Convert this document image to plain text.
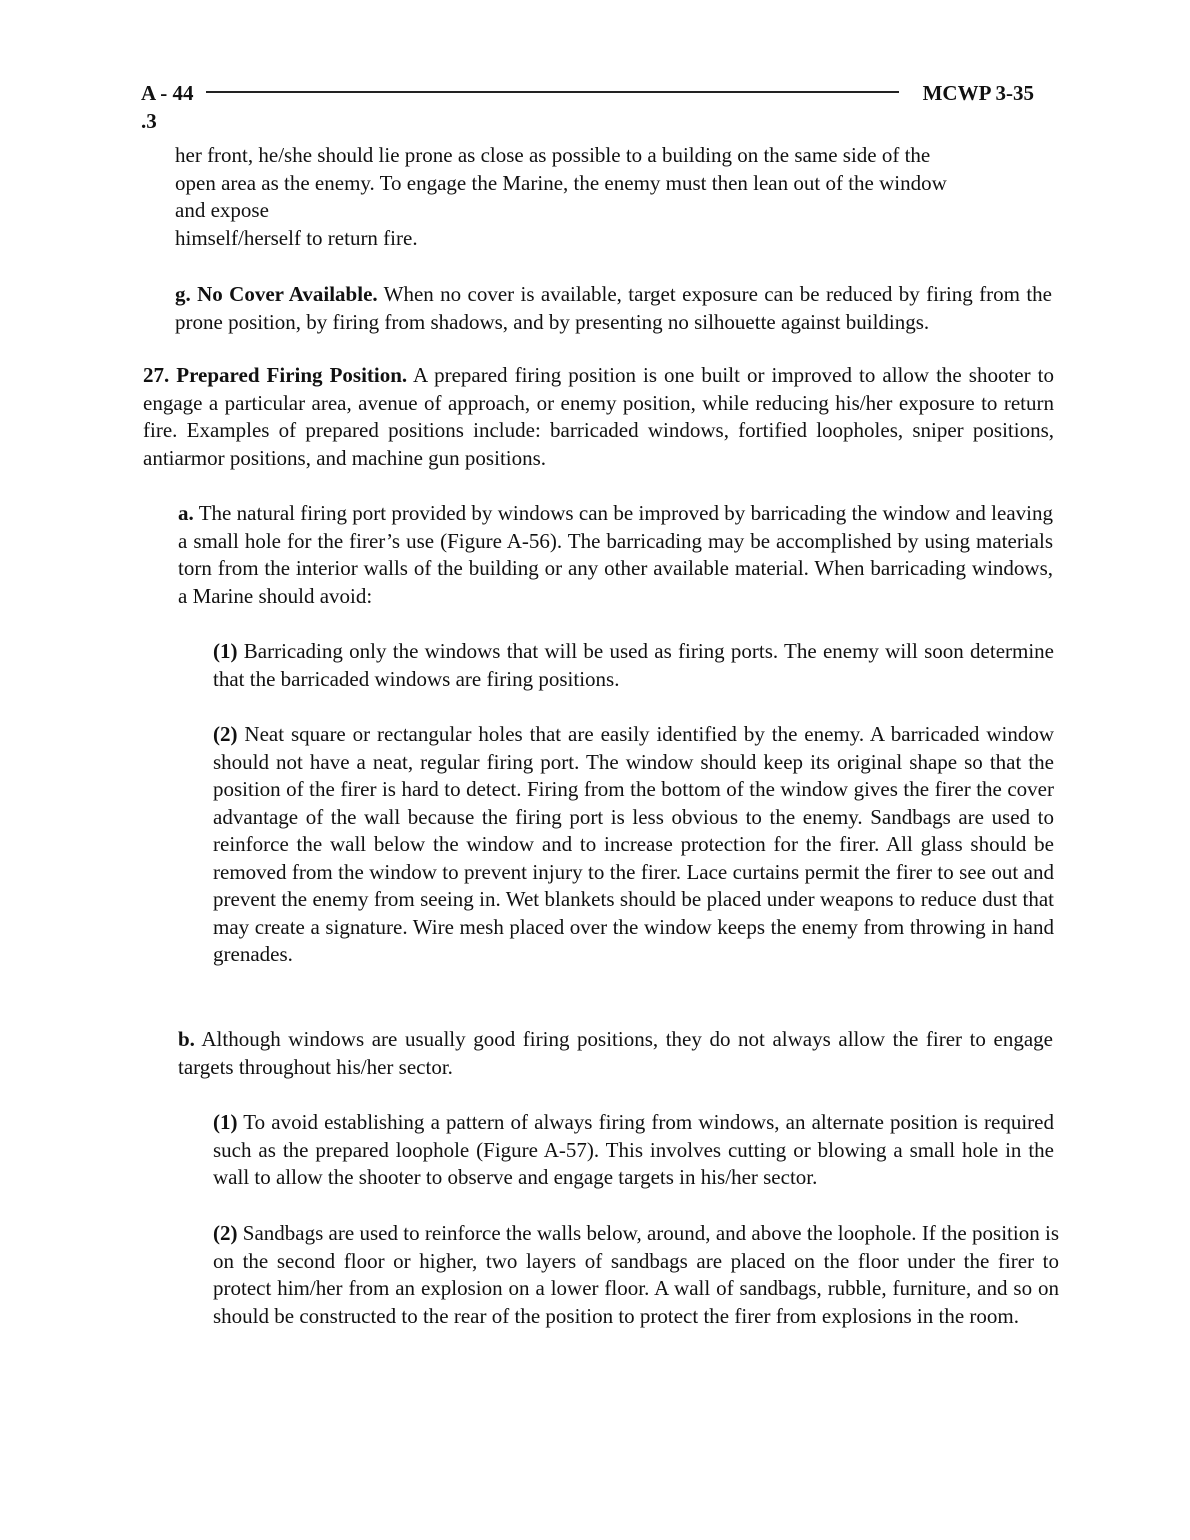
A - 44	MCWP 3-35
.3

her front, he/she should lie prone as close as possible to a building on the same side of the
open area as the enemy. To engage the Marine, the enemy must then lean out of the window
and expose
himself/herself to return fire.

g. No Cover Available. When no cover is available, target exposure can be reduced by firing from the prone position, by firing from shadows, and by presenting no silhouette against buildings.

27. Prepared Firing Position. A prepared firing position is one built or improved to allow the shooter to engage a particular area, avenue of approach, or enemy position, while reducing his/her exposure to return fire. Examples of prepared positions include: barricaded windows, fortified loopholes, sniper positions, antiarmor positions, and machine gun positions.

a. The natural firing port provided by windows can be improved by barricading the window and leaving a small hole for the firer’s use (Figure A-56). The barricading may be accomplished by using materials torn from the interior walls of the building or any other available material. When barricading windows, a Marine should avoid:

(1) Barricading only the windows that will be used as firing ports. The enemy will soon determine that the barricaded windows are firing positions.

(2) Neat square or rectangular holes that are easily identified by the enemy. A barricaded window should not have a neat, regular firing port. The window should keep its original shape so that the position of the firer is hard to detect. Firing from the bottom of the window gives the firer the cover advantage of the wall because the firing port is less obvious to the enemy. Sandbags are used to reinforce the wall below the window and to increase protection for the firer. All glass should be removed from the window to prevent injury to the firer. Lace curtains permit the firer to see out and prevent the enemy from seeing in. Wet blankets should be placed under weapons to reduce dust that may create a signature. Wire mesh placed over the window keeps the enemy from throwing in hand grenades.

b. Although windows are usually good firing positions, they do not always allow the firer to engage targets throughout his/her sector.

(1) To avoid establishing a pattern of always firing from windows, an alternate position is required such as the prepared loophole (Figure A-57). This involves cutting or blowing a small hole in the wall to allow the shooter to observe and engage targets in his/her sector.

(2) Sandbags are used to reinforce the walls below, around, and above the loophole. If the position is on the second floor or higher, two layers of sandbags are placed on the floor under the firer to protect him/her from an explosion on a lower floor. A wall of sandbags, rubble, furniture, and so on should be constructed to the rear of the position to protect the firer from explosions in the room.
